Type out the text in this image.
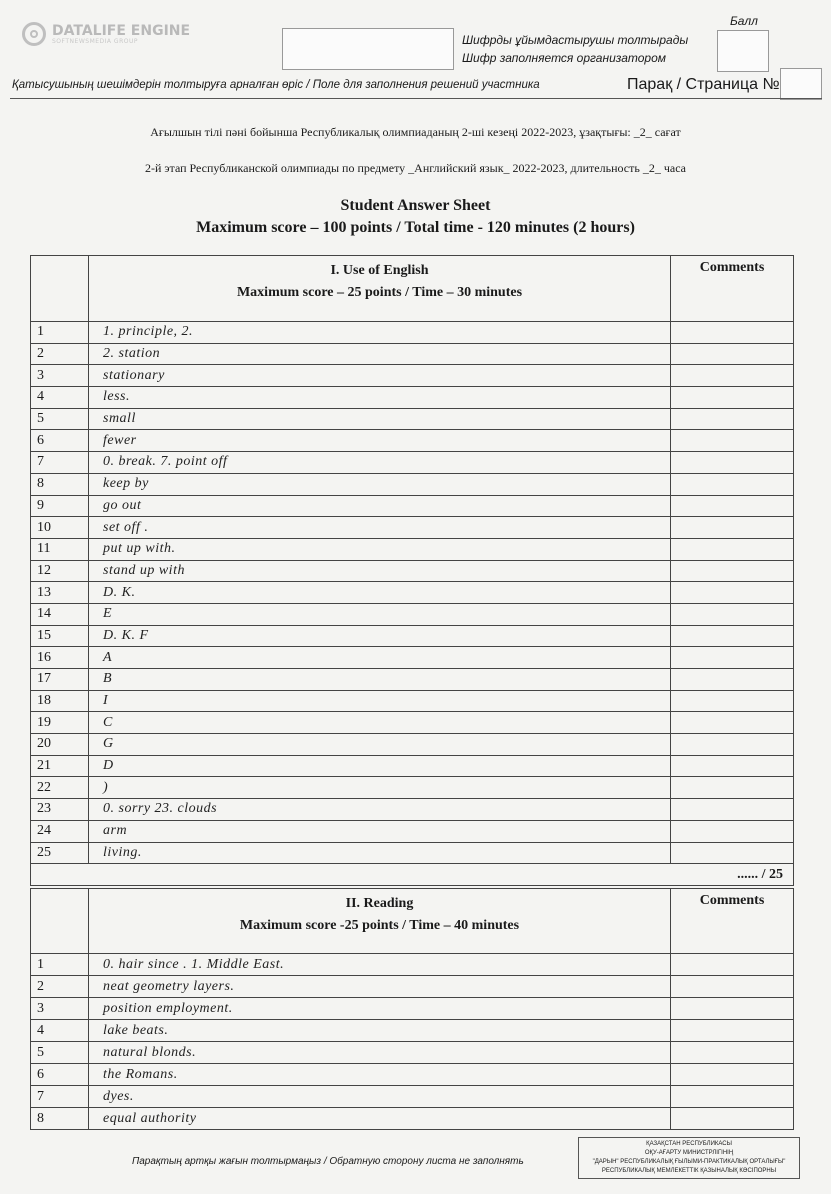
DATALIFE ENGINE
SOFTNEWSMEDIA GROUP	Шифрды ұйымдастырушы толтырады
Шифр заполняется организатором
Балл
Қатысушының шешімдерін толтыруға арналған өріс / Поле для заполнения решений участника	Парақ / Страница №
Ағылшын тілі пәні бойынша Республикалық олимпиаданың 2-ші кезеңі 2022-2023, ұзақтығы: _2_ сағат
2-й этап Республиканской олимпиады по предмету _Английский язык_ 2022-2023, длительность _2_ часа
Student Answer Sheet
Maximum score – 100 points / Total time - 120 minutes (2 hours)

	I. Use of English
Maximum score – 25 points / Time – 30 minutes	Comments
1	1. principle, 2.	
2	2. station	
3	stationary	
4	less.	
5	small	
6	fewer	
7	0. break. 7. point off	
8	keep by	
9	go out	
10	set off .	
11	put up with.	
12	stand up with	
13	D. K.	
14	E	
15	D. K. F	
16	A	
17	B	
18	I	
19	C	
20	G	
21	D	
22	)	
23	0. sorry 23. clouds	
24	arm	
25	living.	
...... / 25		

	II. Reading
Maximum score -25 points / Time – 40 minutes	Comments
1	0. hair since . 1. Middle East.	
2	neat geometry layers.	
3	position employment.	
4	lake beats.	
5	natural blonds.	
6	the Romans.	
7	dyes.	
8	equal authority	
Парақтың артқы жағын толтырмаңыз / Обратную сторону листа не заполнять
ҚАЗАҚСТАН РЕСПУБЛИКАСЫ
ОҚУ-АҒАРТУ МИНИСТРЛІГІНІҢ
"ДАРЫН" РЕСПУБЛИКАЛЫҚ ҒЫЛЫМИ-ПРАКТИКАЛЫҚ ОРТАЛЫҒЫ"
РЕСПУБЛИКАЛЫҚ МЕМЛЕКЕТТІК ҚАЗЫНАЛЫҚ КӘСІПОРНЫ
